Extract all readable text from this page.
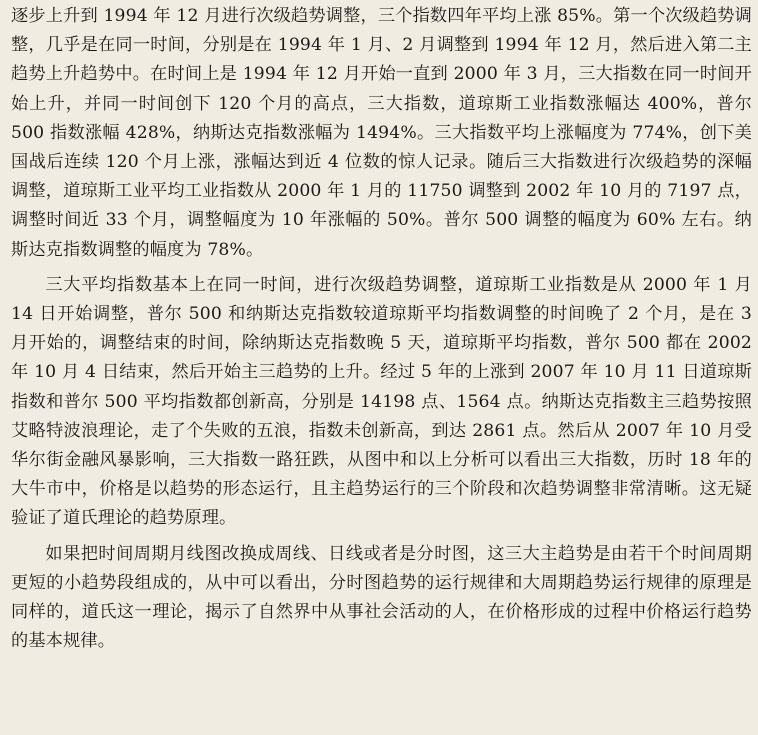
逐步上升到 1994 年 12 月进行次级趋势调整，三个指数四年平均上涨 85%。第一个次级趋势调整，几乎是在同一时间，分别是在 1994 年 1 月、2 月调整到 1994 年 12 月，然后进入第二主趋势上升趋势中。在时间上是 1994 年 12 月开始一直到 2000 年 3 月，三大指数在同一时间开始上升，并同一时间创下 120 个月的高点，三大指数，道琼斯工业指数涨幅达 400%，普尔 500 指数涨幅 428%，纳斯达克指数涨幅为 1494%。三大指数平均上涨幅度为 774%，创下美国战后连续 120 个月上涨，涨幅达到近 4 位数的惊人记录。随后三大指数进行次级趋势的深幅调整，道琼斯工业平均工业指数从 2000 年 1 月的 11750 调整到 2002 年 10 月的 7197 点，调整时间近 33 个月，调整幅度为 10 年涨幅的 50%。普尔 500 调整的幅度为 60% 左右。纳斯达克指数调整的幅度为 78%。

三大平均指数基本上在同一时间，进行次级趋势调整，道琼斯工业指数是从 2000 年 1 月 14 日开始调整，普尔 500 和纳斯达克指数较道琼斯平均指数调整的时间晚了 2 个月，是在 3 月开始的，调整结束的时间，除纳斯达克指数晚 5 天，道琼斯平均指数，普尔 500 都在 2002 年 10 月 4 日结束，然后开始主三趋势的上升。经过 5 年的上涨到 2007 年 10 月 11 日道琼斯指数和普尔 500 平均指数都创新高，分别是 14198 点、1564 点。纳斯达克指数主三趋势按照艾略特波浪理论，走了个失败的五浪，指数未创新高，到达 2861 点。然后从 2007 年 10 月受华尔街金融风暴影响，三大指数一路狂跌，从图中和以上分析可以看出三大指数，历时 18 年的大牛市中，价格是以趋势的形态运行，且主趋势运行的三个阶段和次趋势调整非常清晰。这无疑验证了道氏理论的趋势原理。

如果把时间周期月线图改换成周线、日线或者是分时图，这三大主趋势是由若干个时间周期更短的小趋势段组成的，从中可以看出，分时图趋势的运行规律和大周期趋势运行规律的原理是同样的，道氏这一理论，揭示了自然界中从事社会活动的人，在价格形成的过程中价格运行趋势的基本规律。
